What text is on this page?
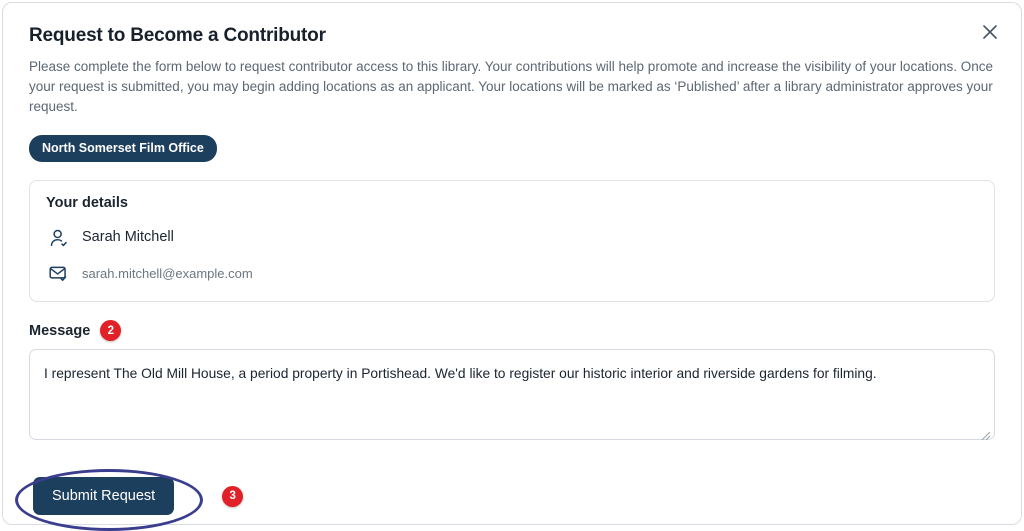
Request to Become a Contributor

Please complete the form below to request contributor access to this library. Your contributions will help promote and increase the visibility of your locations. Once your request is submitted, you may begin adding locations as an applicant. Your locations will be marked as ‘Published’ after a library administrator approves your request.

North Somerset Film Office
Your details
Sarah Mitchell
sarah.mitchell@example.com
Message	2
I represent The Old Mill House, a period property in Portishead. We'd like to register our historic interior and riverside gardens for filming.
Submit Request	3
